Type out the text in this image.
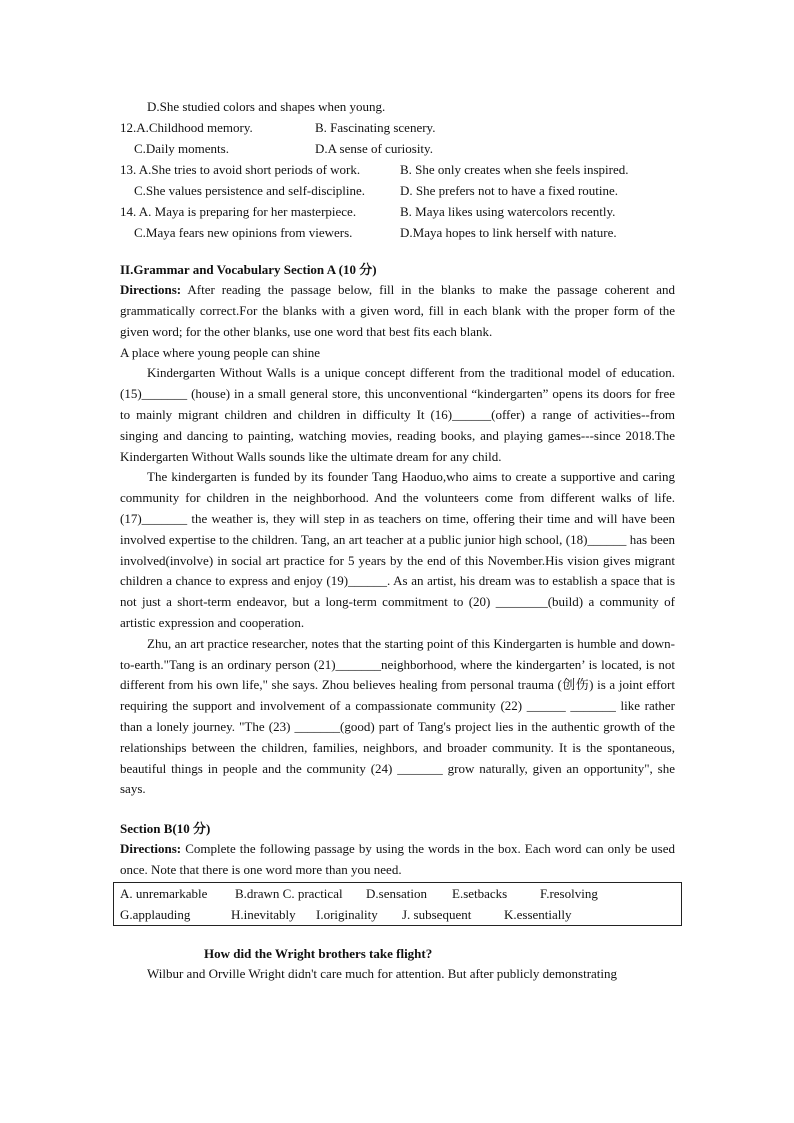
D.She studied colors and shapes when young.
12.A.Childhood memory.	B. Fascinating scenery.
C.Daily moments.	D.A sense of curiosity.
13. A.She tries to avoid short periods of work.	B. She only creates when she feels inspired.
C.She values persistence and self-discipline.	D. She prefers not to have a fixed routine.
14. A. Maya is preparing for her masterpiece.	B. Maya likes using watercolors recently.
C.Maya fears new opinions from viewers.	D.Maya hopes to link herself with nature.
II.Grammar and Vocabulary Section A (10 分)

Directions: After reading the passage below, fill in the blanks to make the passage coherent and grammatically correct.For the blanks with a given word, fill in each blank with the proper form of the given word; for the other blanks, use one word that best fits each blank.

A place where young people can shine

Kindergarten Without Walls is a unique concept different from the traditional model of education.(15)_______ (house) in a small general store, this unconventional “kindergarten” opens its doors for free to mainly migrant children and children in difficulty It (16)______(offer) a range of activities--from singing and dancing to painting, watching movies, reading books, and playing games---since 2018.The Kindergarten Without Walls sounds like the ultimate dream for any child.

The kindergarten is funded by its founder Tang Haoduo,who aims to create a supportive and caring community for children in the neighborhood. And the volunteers come from different walks of life. (17)_______ the weather is, they will step in as teachers on time, offering their time and will have been involved expertise to the children. Tang, an art teacher at a public junior high school, (18)______ has been involved(involve) in social art practice for 5 years by the end of this November.His vision gives migrant children a chance to express and enjoy (19)______. As an artist, his dream was to establish a space that is not just a short-term endeavor, but a long-term commitment to (20) ________(build) a community of artistic expression and cooperation.

Zhu, an art practice researcher, notes that the starting point of this Kindergarten is humble and down-to-earth."Tang is an ordinary person (21)_______neighborhood, where the kindergarten’ is located, is not different from his own life," she says. Zhou believes healing from personal trauma (创伤) is a joint effort requiring the support and involvement of a compassionate community (22) ______ _______ like rather than a lonely journey. "The (23) _______(good) part of Tang's project lies in the authentic growth of the relationships between the children, families, neighbors, and broader community. It is the spontaneous, beautiful things in people and the community (24) _______ grow naturally, given an opportunity", she says.

Section B(10 分)

Directions: Complete the following passage by using the words in the box. Each word can only be used once. Note that there is one word more than you need.

A. unremarkable B.drawn C. practical D.sensation E.setbacks	F.resolving
G.applauding	H.inevitably I.originality J. subsequent	K.essentially
How did the Wright brothers take flight?

Wilbur and Orville Wright didn't care much for attention. But after publicly demonstrating
